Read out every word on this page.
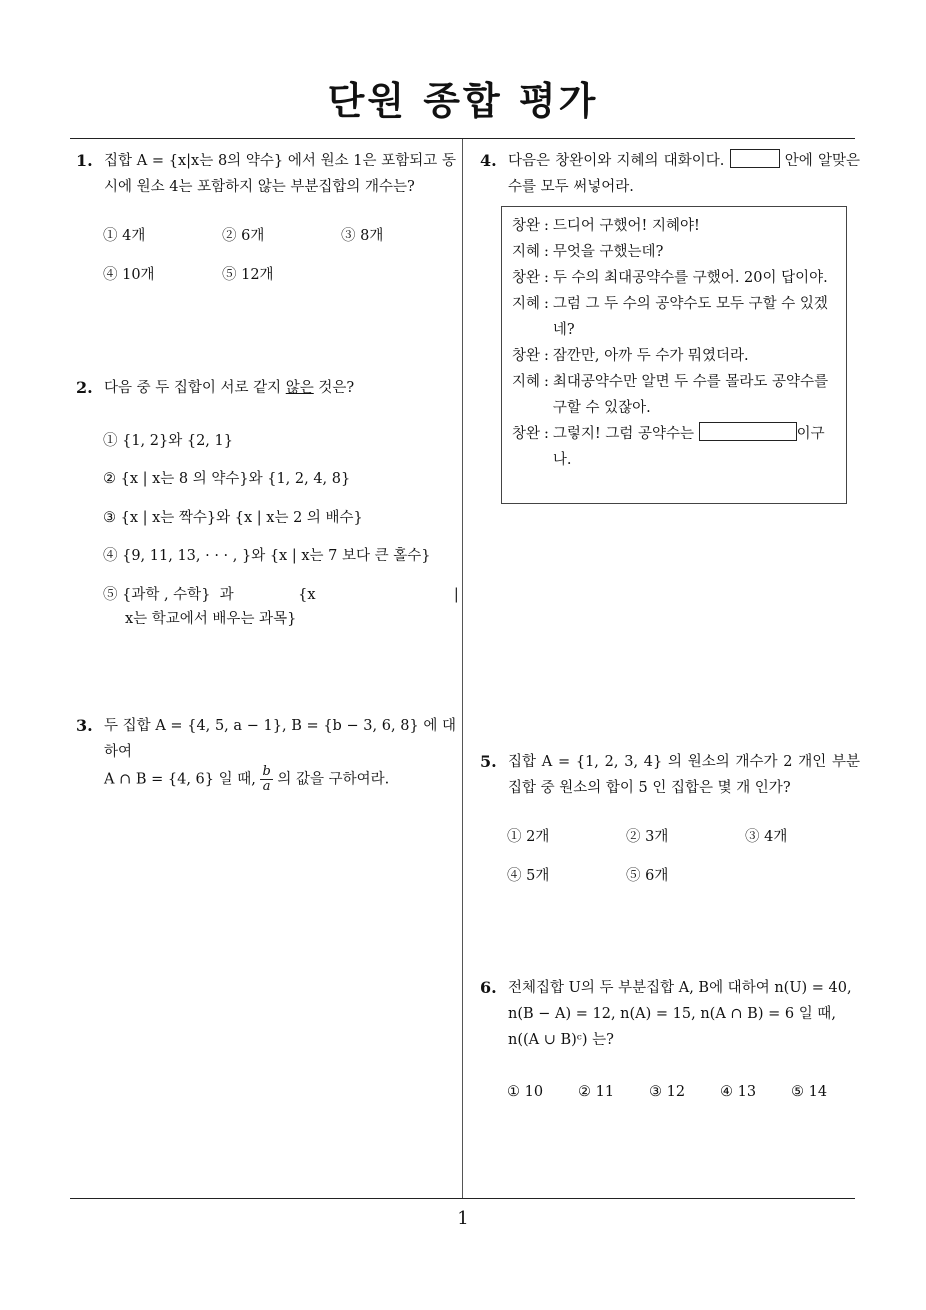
단원 종합 평가
1
1. 집합 A = {x|x는 8의 약수} 에서 원소 1은 포함되고 동시에 원소 4는 포함하지 않는 부분집합의 개수는?
① 4개	② 6개	③ 8개
④ 10개	⑤ 12개
2. 다음 중 두 집합이 서로 같지 않은 것은?
① {1, 2}와 {2, 1}
② {x | x는 8 의 약수}와 {1, 2, 4, 8}
③ {x | x는 짝수}와 {x | x는 2 의 배수}
④ {9, 11, 13, · · · , }와 {x | x는 7 보다 큰 홀수}
⑤ {과학 , 수학}  과              {x                              |
x는 학교에서 배우는 과목}
3. 두 집합 A = {4, 5, a − 1}, B = {b − 3, 6, 8} 에 대하여
A ∩ B = {4, 6} 일 때, $\frac{b}{a}$ 의 값을 구하여라.
4. 다음은 창완이와 지혜의 대화이다.	안에 알맞은 수를 모두 써넣어라.
창완 : 드디어 구했어! 지혜야!
지혜 : 무엇을 구했는데?
창완 : 두 수의 최대공약수를 구했어. 20이 답이야.
지혜 : 그럼 그 두 수의 공약수도 모두 구할 수 있겠네?
창완 : 잠깐만, 아까 두 수가 뭐였더라.
지혜 : 최대공약수만 알면 두 수를 몰라도 공약수를 구할 수 있잖아.
창완 : 그렇지! 그럼 공약수는	이구나.
5. 집합 A = {1, 2, 3, 4} 의 원소의 개수가 2 개인 부분집합 중 원소의 합이 5 인 집합은 몇 개 인가?
① 2개	② 3개	③ 4개
④ 5개	⑤ 6개
6. 전체집합 U의 두 부분집합 A, B에 대하여 n(U) = 40,
n(B − A) = 12, n(A) = 15, n(A ∩ B) = 6 일 때,
n((A ∪ B)ᶜ) 는?
① 10 ② 11 ③ 12 ④ 13 ⑤ 14
